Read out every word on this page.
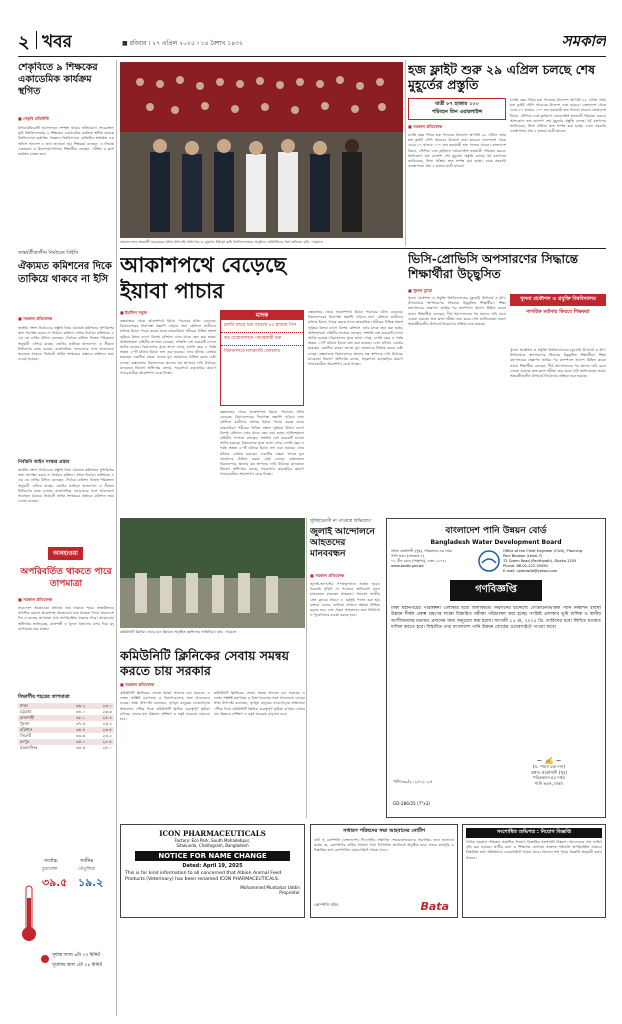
২ খবর	■ রবিবার । ২৭ এপ্রিল ২০২৫ । ১৪ বৈশাখ ১৪৩২	সমকাল
শেকৃবিতে ৯ শিক্ষকের একাডেমিক কার্যক্রম স্থগিত
■ শেকৃবি প্রতিনিধি
উপাচার্যবিরোধী আন্দোলনে সম্পৃক্ত থাকার অভিযোগে শেরেবাংলা কৃষি বিশ্ববিদ্যালয়ের ৯ শিক্ষকের একাডেমিক কার্যক্রম স্থগিত করেছে বিশ্ববিদ্যালয় কর্তৃপক্ষ। গতকাল বিশ্ববিদ্যালয় রেজিস্ট্রার স্বাক্ষরিত এক অফিস আদেশে এ তথ্য জানানো হয়। শিক্ষকরা বলছেন, এ সিদ্ধান্ত একতরফা ও উদ্দেশ্যপ্রণোদিত। শিক্ষার্থীরা বলছেন, পরীক্ষা ও ক্লাস কার্যক্রম ব্যাহত হবে।
অন্তর্বর্তীকালীন নির্বাচনে সিইসি
ঐক্যমত কমিশনের দিকে তাকিয়ে থাকবে না ইসি
■ সমকাল প্রতিবেদক
জাতীয় সংসদ নির্বাচনের প্রস্তুতি নিয়ে ঐক্যমত কমিশনের সুপারিশের জন্য অপেক্ষা করবে না নির্বাচন কমিশন। প্রধান নির্বাচন কমিশনার এ এম এম নাসির উদ্দিন বলেছেন, নির্বাচন কমিশন নিজস্ব পরিকল্পনা অনুযায়ী এগিয়ে যাচ্ছে। ভোটার তালিকা হালনাগাদ ও সীমানা নির্ধারণের কাজ চলছে। রাজনৈতিক দলগুলোর সঙ্গে আলোচনা অব্যাহত থাকবে। নির্বাচনী আইন সংস্কারের প্রস্তাবও কমিশনে জমা দেওয়া হয়েছে।
নির্বাচনি আইন সংস্কার প্রস্তাব
জাতীয় সংসদ নির্বাচনের প্রস্তুতি নিয়ে ঐক্যমত কমিশনের সুপারিশের জন্য অপেক্ষা করবে না নির্বাচন কমিশন। প্রধান নির্বাচন কমিশনার এ এম এম নাসির উদ্দিন বলেছেন, নির্বাচন কমিশন নিজস্ব পরিকল্পনা অনুযায়ী এগিয়ে যাচ্ছে। ভোটার তালিকা হালনাগাদ ও সীমানা নির্ধারণের কাজ চলছে। রাজনৈতিক দলগুলোর সঙ্গে আলোচনা অব্যাহত থাকবে। নির্বাচনী আইন সংস্কারের প্রস্তাবও কমিশনে জমা দেওয়া হয়েছে।
বাংলাদেশের অন্তর্বর্তী সরকারের প্রধান উপদেষ্টা অধ্যাপক ড. মুহাম্মদ ইউনূস কৃষি বিশ্ববিদ্যালয়ের অনুষ্ঠানে অতিথিদের সঙ্গে ছবিতে। ছবি : সমকাল
হজ ফ্লাইট শুরু ২৯ এপ্রিল চলছে শেষ মুহূর্তের প্রস্তুতি
যাত্রী ৮৭ হাজার ১০০
পরিবহন তিন এয়ারলাইন্স
■ সমকাল প্রতিবেদক
চলতি বছর পবিত্র হজ পালনের উদ্দেশ্যে আগামী ২৯ এপ্রিল প্রথম হজ ফ্লাইট সৌদি আরবের উদ্দেশে ঢাকা ছাড়বে। বাংলাদেশ থেকে এবার ৮৭ হাজার ১০০ জন হজযাত্রী হজ পালনে যাবেন। বাংলাদেশ বিমান, সৌদিয়া এবং ফ্লাইনাস এয়ারলাইন্স হজযাত্রী পরিবহন করবে। আশকোনা হজ ক্যাম্পে শেষ মুহূর্তের প্রস্তুতি চলছে। ধর্ম মন্ত্রণালয় জানিয়েছে, ভিসা প্রক্রিয়া দ্রুত সম্পন্ন করা হচ্ছে। এবার সরকারি ব্যবস্থাপনায় প্রায় ৫ হাজার যাত্রী যাবেন।
চলতি বছর পবিত্র হজ পালনের উদ্দেশ্যে আগামী ২৯ এপ্রিল প্রথম হজ ফ্লাইট সৌদি আরবের উদ্দেশে ঢাকা ছাড়বে। বাংলাদেশ থেকে এবার ৮৭ হাজার ১০০ জন হজযাত্রী হজ পালনে যাবেন। বাংলাদেশ বিমান, সৌদিয়া এবং ফ্লাইনাস এয়ারলাইন্স হজযাত্রী পরিবহন করবে। আশকোনা হজ ক্যাম্পে শেষ মুহূর্তের প্রস্তুতি চলছে। ধর্ম মন্ত্রণালয় জানিয়েছে, ভিসা প্রক্রিয়া দ্রুত সম্পন্ন করা হচ্ছে। এবার সরকারি ব্যবস্থাপনায় প্রায় ৫ হাজার যাত্রী যাবেন।
আকাশপথে বেড়েছে ইয়াবা পাচার
■ ইয়াসিন সবুজ
কক্সবাজার থেকে আকাশপথে ইয়াবা পাচারের ঘটনা বেড়েছে। বিমানবন্দরের নিরাপত্তা তল্লাশি এড়িয়ে নানা কৌশলে যাত্রীদের মাধ্যমে ইয়াবা পাচার করছে মাদক কারবারিরা। শরীরের বিভিন্ন অংশে লুকিয়ে কিংবা ব্যাগে বিশেষ কৌশলে এসব মাদক বহন করা হচ্ছে। আইনশৃঙ্খলা বাহিনীর সদস্যরা বলছেন, সম্প্রতি বেশ কয়েকটি চালান আটক হয়েছে। বিমানবন্দর সূত্রে জানা গেছে, চলতি বছর এ পর্যন্ত অন্তত ২০টি ঘটনায় ইয়াবা জব্দ করা হয়েছে। এসব ঘটনায় গ্রেপ্তার হয়েছেন একাধিক বাহক। তদন্তে মূল হোতাদের চিহ্নিত করার চেষ্টা চলছে। কক্সবাজার বিমানবন্দরে স্ক্যানার যন্ত্র স্থাপনের দাবি উঠেছে। মাদকদ্রব্য নিয়ন্ত্রণ অধিদপ্তর বলছে, সড়কপথে কড়াকড়ির কারণে পাচারকারীরা আকাশপথ বেছে নিচ্ছে।
মাদক
চলতি বছরে ধরা পড়েছে ৪০ হাজার পিস
বড় চোরাচালানে পাচারকারী চক্র
বিমানবন্দরে নজরদারি জোরদার
কক্সবাজার থেকে আকাশপথে ইয়াবা পাচারের ঘটনা বেড়েছে। বিমানবন্দরের নিরাপত্তা তল্লাশি এড়িয়ে নানা কৌশলে যাত্রীদের মাধ্যমে ইয়াবা পাচার করছে মাদক কারবারিরা। শরীরের বিভিন্ন অংশে লুকিয়ে কিংবা ব্যাগে বিশেষ কৌশলে এসব মাদক বহন করা হচ্ছে। আইনশৃঙ্খলা বাহিনীর সদস্যরা বলছেন, সম্প্রতি বেশ কয়েকটি চালান আটক হয়েছে। বিমানবন্দর সূত্রে জানা গেছে, চলতি বছর এ পর্যন্ত অন্তত ২০টি ঘটনায় ইয়াবা জব্দ করা হয়েছে। এসব ঘটনায় গ্রেপ্তার হয়েছেন একাধিক বাহক। তদন্তে মূল হোতাদের চিহ্নিত করার চেষ্টা চলছে। কক্সবাজার বিমানবন্দরে স্ক্যানার যন্ত্র স্থাপনের দাবি উঠেছে। মাদকদ্রব্য নিয়ন্ত্রণ অধিদপ্তর বলছে, সড়কপথে কড়াকড়ির কারণে পাচারকারীরা আকাশপথ বেছে নিচ্ছে।
কক্সবাজার থেকে আকাশপথে ইয়াবা পাচারের ঘটনা বেড়েছে। বিমানবন্দরের নিরাপত্তা তল্লাশি এড়িয়ে নানা কৌশলে যাত্রীদের মাধ্যমে ইয়াবা পাচার করছে মাদক কারবারিরা। শরীরের বিভিন্ন অংশে লুকিয়ে কিংবা ব্যাগে বিশেষ কৌশলে এসব মাদক বহন করা হচ্ছে। আইনশৃঙ্খলা বাহিনীর সদস্যরা বলছেন, সম্প্রতি বেশ কয়েকটি চালান আটক হয়েছে। বিমানবন্দর সূত্রে জানা গেছে, চলতি বছর এ পর্যন্ত অন্তত ২০টি ঘটনায় ইয়াবা জব্দ করা হয়েছে। এসব ঘটনায় গ্রেপ্তার হয়েছেন একাধিক বাহক। তদন্তে মূল হোতাদের চিহ্নিত করার চেষ্টা চলছে। কক্সবাজার বিমানবন্দরে স্ক্যানার যন্ত্র স্থাপনের দাবি উঠেছে। মাদকদ্রব্য নিয়ন্ত্রণ অধিদপ্তর বলছে, সড়কপথে কড়াকড়ির কারণে পাচারকারীরা আকাশপথ বেছে নিচ্ছে।
ভিসি-প্রোভিসি অপসারণের সিদ্ধান্তে শিক্ষার্থীরা উচ্ছ্বসিত
■ খুলনা ব্যুরো
খুলনা প্রকৌশল ও প্রযুক্তি বিশ্ববিদ্যালয়ের (কুয়েট) উপাচার্য ও উপ-উপাচার্যকে অপসারণের সিদ্ধান্তে উচ্ছ্বসিত শিক্ষার্থীরা। শিক্ষা মন্ত্রণালয়ের প্রজ্ঞাপন জারির পর ক্যাম্পাসে আনন্দ মিছিল করেন তারা। শিক্ষার্থীরা বলছেন, দীর্ঘ আন্দোলনের পর তাদের দাবি মেনে নেওয়া হয়েছে। দ্রুত ক্লাস-পরীক্ষা শুরু করার দাবি জানিয়েছেন তারা। অন্তর্বর্তীকালীন উপাচার্য নিয়োগের প্রক্রিয়া শুরু হয়েছে।
খুলনা প্রকৌশল ও প্রযুক্তি বিশ্ববিদ্যালয়
নাগরিক মর্যাদায় ফিরবে শিক্ষকরা
খুলনা প্রকৌশল ও প্রযুক্তি বিশ্ববিদ্যালয়ের (কুয়েট) উপাচার্য ও উপ-উপাচার্যকে অপসারণের সিদ্ধান্তে উচ্ছ্বসিত শিক্ষার্থীরা। শিক্ষা মন্ত্রণালয়ের প্রজ্ঞাপন জারির পর ক্যাম্পাসে আনন্দ মিছিল করেন তারা। শিক্ষার্থীরা বলছেন, দীর্ঘ আন্দোলনের পর তাদের দাবি মেনে নেওয়া হয়েছে। দ্রুত ক্লাস-পরীক্ষা শুরু করার দাবি জানিয়েছেন তারা। অন্তর্বর্তীকালীন উপাচার্য নিয়োগের প্রক্রিয়া শুরু হয়েছে।
আবহাওয়া
অপরিবর্তিত থাকতে পারে তাপমাত্রা
■ সমকাল প্রতিবেদক
সারাদেশে আবহাওয়া প্রধানত শুষ্ক থাকতে পারে। অস্থায়ীভাবে আংশিক মেঘলা আকাশসহ আবহাওয়া শুষ্ক থাকতে পারে। সারাদেশে দিন ও রাতের তাপমাত্রা প্রায় অপরিবর্তিত থাকতে পারে। আবহাওয়া অধিদপ্তর জানিয়েছে, রাজশাহী ও খুলনা বিভাগের ওপর দিয়ে মৃদু তাপপ্রবাহ বয়ে যাচ্ছে।
বিভাগীয় শহরের তাপমাত্রা
ঢাকা	৩৬.২	২৬.০
চট্টগ্রাম	৩৪.০	২৬.৬
রাজশাহী	৩৮.০	২৫.৪
খুলনা	৩৭.৫	২৬.২
বরিশাল	৩৫.৪	২৬.৫
সিলেট	৩৩.৬	২৩.২
রংপুর	৩৫.০	২৪.৫
ময়মনসিংহ	৩৪.৫	২৫.০
সর্বোচ্চ	সর্বনিম্ন
চুয়াডাঙ্গা	তেঁতুলিয়া
৩৯.৫ ১৯.২
সূর্যাস্ত আজ ৬টা ২৩ মিনিট
সূর্যোদয় কাল ৫টা ২৪ মিনিট
কমিউনিটি ক্লিনিক সেবার মান উন্নয়নে অনুষ্ঠিত কর্মশালায় অতিথিরা। ছবি : সমকাল
সুবিধাভোগী না পাওয়ার অভিযোগ
জুলাই আন্দোলনে আহতদের মানববন্ধন
■ সমকাল প্রতিবেদক
জুলাই-আগস্টের গণঅভ্যুত্থানে আহত হয়েও সরকারি সুবিধা না পাওয়ার অভিযোগ তুলে মানববন্ধন করেছেন আহতরা। গতকাল জাতীয় প্রেস ক্লাবের সামনে এ কর্মসূচি পালন করা হয়। বক্তারা বলেন, তালিকা প্রণয়নে স্বচ্ছতা নিশ্চিত করতে হবে এবং প্রকৃত আহতদের দ্রুত চিকিৎসা ও পুনর্বাসনের ব্যবস্থা করতে হবে।
কমিউনিটি ক্লিনিকের সেবায় সমন্বয় করতে চায় সরকার
■ সমকাল প্রতিবেদক
কমিউনিটি ক্লিনিকের সেবায় সমন্বয় আনতে চায় সরকার। এ লক্ষ্যে সংশ্লিষ্ট মন্ত্রণালয় ও বিভাগগুলোর সঙ্গে আলোচনা চলছে। স্বাস্থ্য উপদেষ্টা বলেছেন, তৃণমূল মানুষের দোরগোড়ায় স্বাস্থ্যসেবা পৌঁছে দিতে কমিউনিটি ক্লিনিক গুরুত্বপূর্ণ ভূমিকা রাখছে। সেবার মান উন্নয়নে প্রশিক্ষণ ও ওষুধ সরবরাহ বাড়ানো হবে।
কমিউনিটি ক্লিনিকের সেবায় সমন্বয় আনতে চায় সরকার। এ লক্ষ্যে সংশ্লিষ্ট মন্ত্রণালয় ও বিভাগগুলোর সঙ্গে আলোচনা চলছে। স্বাস্থ্য উপদেষ্টা বলেছেন, তৃণমূল মানুষের দোরগোড়ায় স্বাস্থ্যসেবা পৌঁছে দিতে কমিউনিটি ক্লিনিক গুরুত্বপূর্ণ ভূমিকা রাখছে। সেবার মান উন্নয়নে প্রশিক্ষণ ও ওষুধ সরবরাহ বাড়ানো হবে।
বাংলাদেশ পানি উন্নয়ন বোর্ড
Bangladesh Water Development Board
প্রধান প্রকৌশলী (পুর), পরিকল্পনা-এর দপ্তর
পানি ভবন (লেভেল-৭)
৭২ গ্রীন রোড (পান্থপথ), ঢাকা-১২০৫।
www.bwdb.gov.bd
Office of the Chief Engineer (Civil), Planning
Pani Bhaban (Level-7)
72 Green Road (Panthpath), Dhaka-1205
Phone: 88-02-222-30090
E-mail: cplanwdb@yahoo.com
গণবিজ্ঞপ্তি
ঢাকা মহানগরের পরিকল্পনা এলাকার মধ্যে জলাবদ্ধতা নিরসনের উদ্দেশ্যে গোডাউনভিত্তিক পানি নিষ্কাশন ব্যবস্থা উন্নয়ন শীর্ষক প্রকল্প গ্রহণের লক্ষ্যে বিস্তারিত সমীক্ষা পরিচালনা করা হচ্ছে। সংশ্লিষ্ট এলাকার ভূমি মালিক ও স্থানীয় অংশীজনদের মতামত প্রদানের জন্য অনুরোধ করা হলো। আগামী ১৫ মে, ২০২৫ খ্রি. তারিখের মধ্যে লিখিত মতামত দাখিল করতে হবে। বিস্তারিত তথ্য বাংলাদেশ পানি উন্নয়ন বোর্ডের ওয়েবসাইটে পাওয়া যাবে।
~ ✍ ~
(ড. শামস চন্দ্র দাস)
প্রধান প্রকৌশলী (পুর)
পরিকল্পনা-এর দপ্তর
পানি ভবন, ঢাকা।
পানি-৬৯/২০২৪-২০২৫
GD-286/25 (7"x3)
ICON PHARMACEUTICALS
Factory: Eco Park, South Mohadebpur,
Sitakunda, Chattogram, Bangladesh
NOTICE FOR NAME CHANGE
Dated: April 19, 2025
This is for kind information to all concerned that Albion Animal Feed Products (Veterinary) has been renamed ICON PHARMACEUTICALS.
Mohammed Muntahar Uddin
Proprietor
সাধারণ পরিষদের সভা আহবানের নোটিশ
বাটা সু কোম্পানি (বাংলাদেশ) পিএলসির সম্মানিত শেয়ারহোল্ডারদের অবগতির জন্য জানানো যাচ্ছে যে, কোম্পানির বার্ষিক সাধারণ সভা ডিজিটাল প্ল্যাটফর্মে অনুষ্ঠিত হবে। সভার কার্যসূচি ও বিস্তারিত তথ্য কোম্পানির ওয়েবসাইটে পাওয়া যাবে।
কোম্পানি সচিব	Bata
সংশোধিত শুদ্ধিপত্র : নিয়োগ বিজ্ঞপ্তি
দৈনিক সমকাল পত্রিকায় প্রকাশিত নিয়োগ বিজ্ঞপ্তির সংশোধনী নিম্নরূপ: আবেদনের শেষ তারিখ বৃদ্ধি করা হয়েছে। প্রার্থীর বয়স ও শিক্ষাগত যোগ্যতা সংক্রান্ত শর্তাবলি অপরিবর্তিত থাকবে। বিস্তারিত তথ্য প্রতিষ্ঠানের ওয়েবসাইটে পাওয়া যাবে। অন্যান্য শর্ত পূর্বের বিজ্ঞপ্তি অনুযায়ী বহাল থাকবে।
